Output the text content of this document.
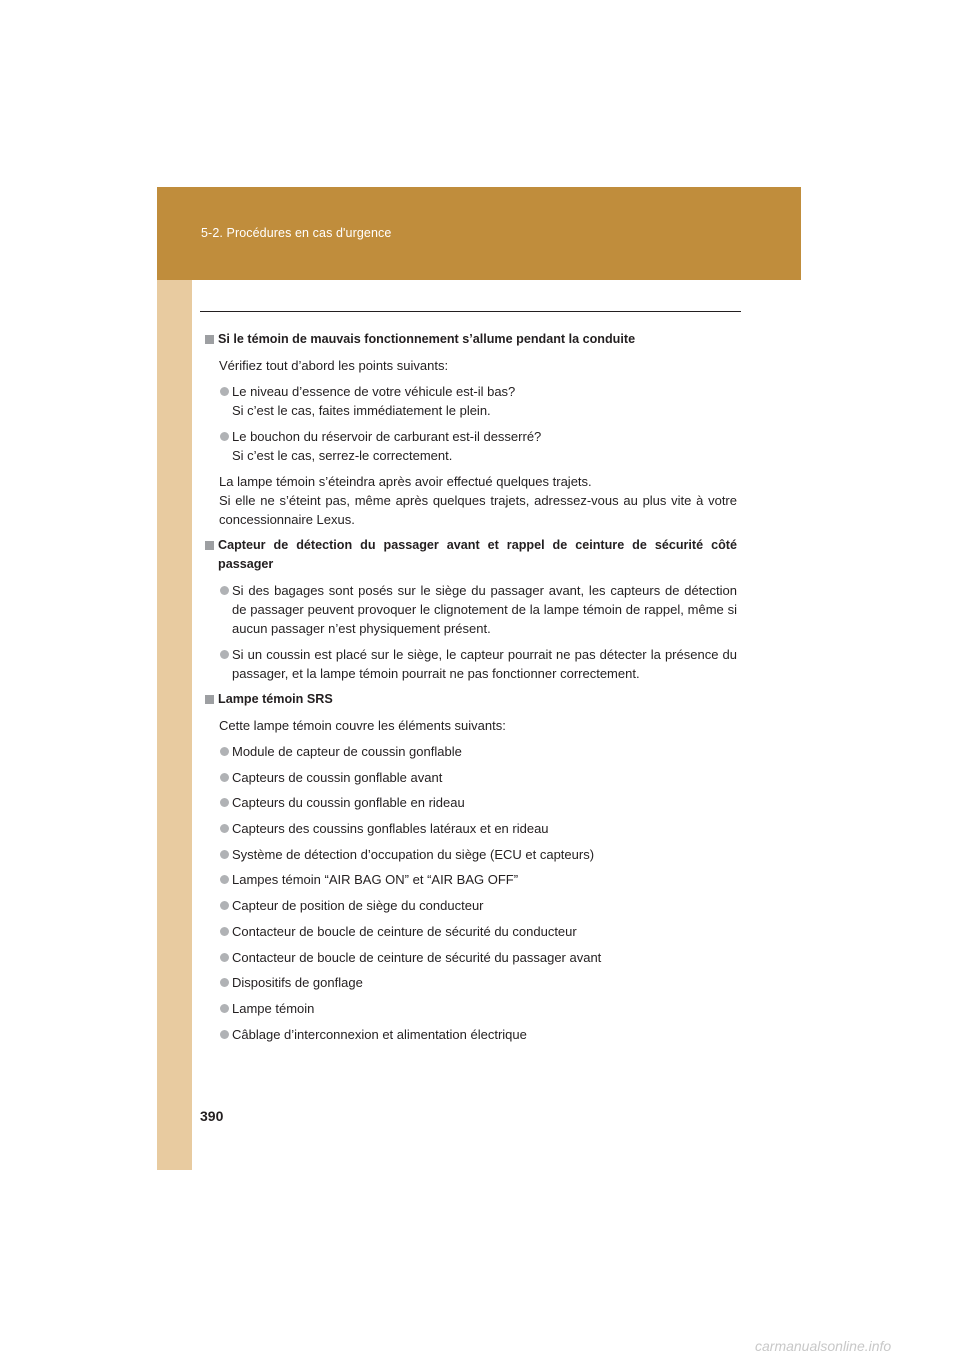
5-2. Procédures en cas d'urgence
Si le témoin de mauvais fonctionnement s’allume pendant la conduite

Vérifiez tout d’abord les points suivants:

Le niveau d’essence de votre véhicule est-il bas?

Si c’est le cas, faites immédiatement le plein.

Le bouchon du réservoir de carburant est-il desserré?

Si c’est le cas, serrez-le correctement.

La lampe témoin s’éteindra après avoir effectué quelques trajets.

Si elle ne s’éteint pas, même après quelques trajets, adressez-vous au plus vite à votre concessionnaire Lexus.

Capteur de détection du passager avant et rappel de ceinture de sécurité côté passager

Si des bagages sont posés sur le siège du passager avant, les capteurs de détection de passager peuvent provoquer le clignotement de la lampe témoin de rappel, même si aucun passager n’est physiquement présent.

Si un coussin est placé sur le siège, le capteur pourrait ne pas détecter la présence du passager, et la lampe témoin pourrait ne pas fonctionner correctement.

Lampe témoin SRS

Cette lampe témoin couvre les éléments suivants:

Module de capteur de coussin gonflable

Capteurs de coussin gonflable avant

Capteurs du coussin gonflable en rideau

Capteurs des coussins gonflables latéraux et en rideau

Système de détection d’occupation du siège (ECU et capteurs)

Lampes témoin “AIR BAG ON” et “AIR BAG OFF”

Capteur de position de siège du conducteur

Contacteur de boucle de ceinture de sécurité du conducteur

Contacteur de boucle de ceinture de sécurité du passager avant

Dispositifs de gonflage

Lampe témoin

Câblage d’interconnexion et alimentation électrique

390
carmanualsonline.info
